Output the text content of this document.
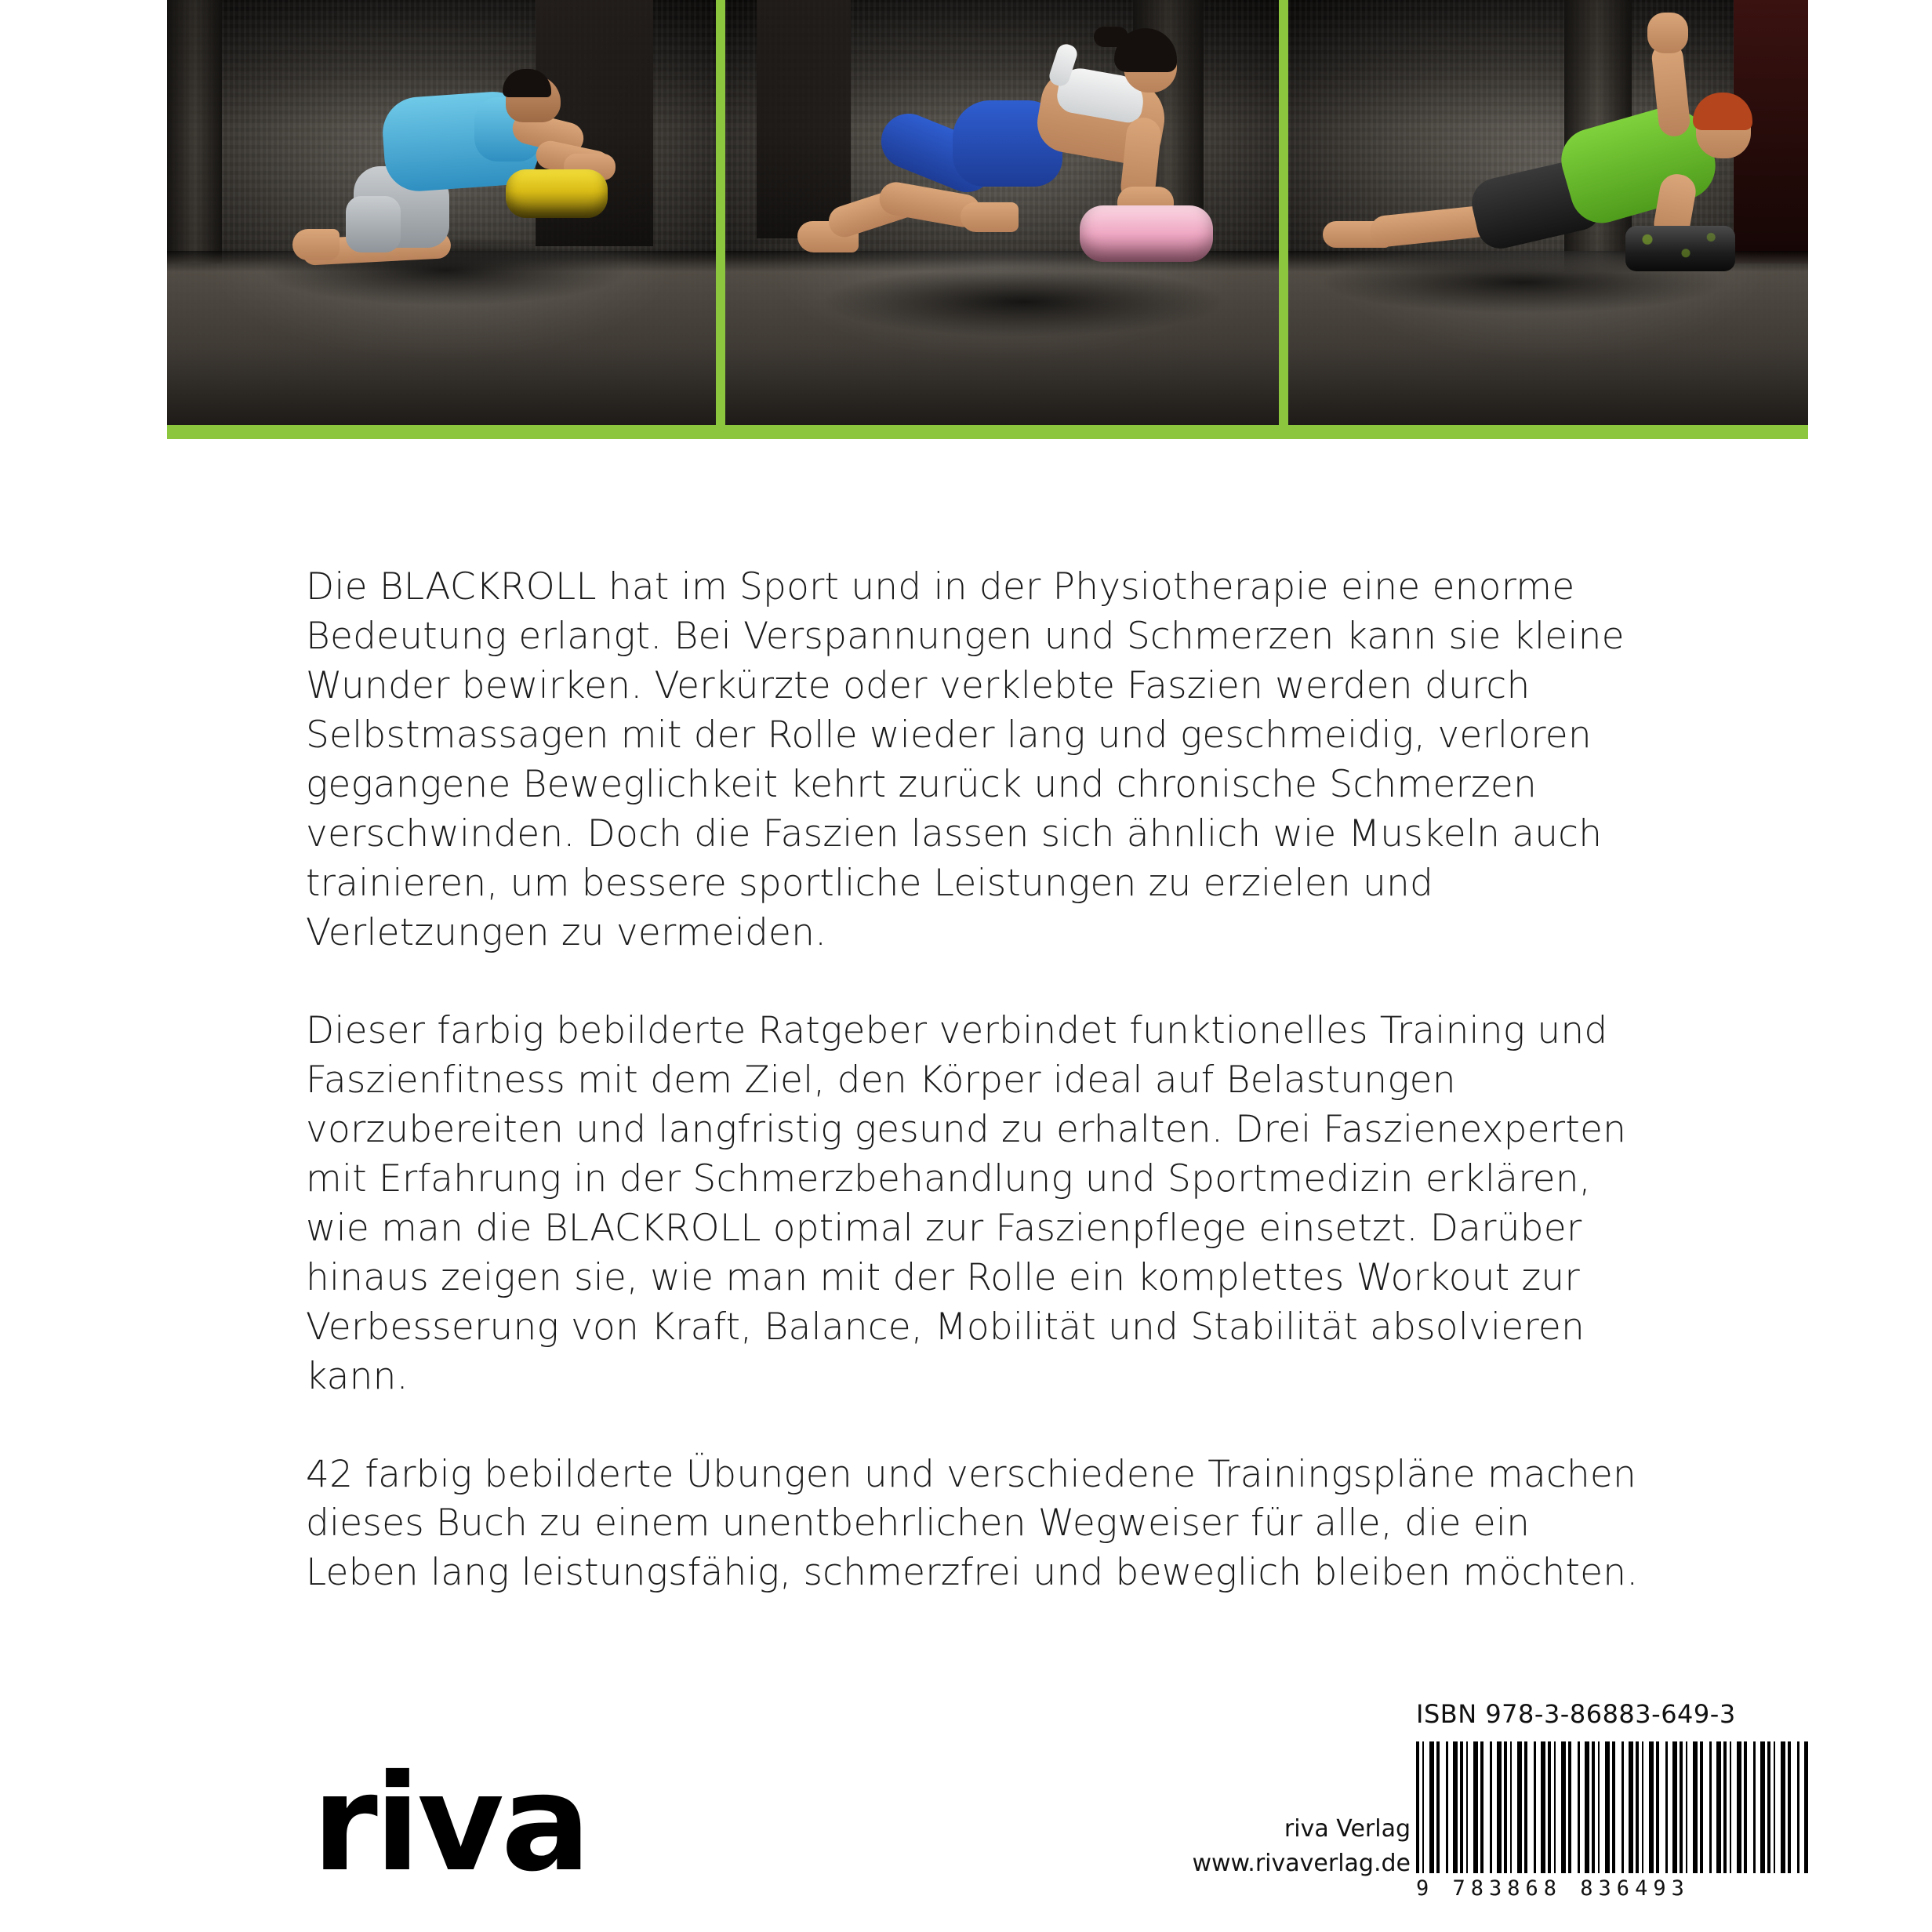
Die BLACKROLL hat im Sport und in der Physiotherapie eine enorme Bedeutung erlangt. Bei Verspannungen und Schmerzen kann sie kleine Wunder bewirken. Verkürzte oder verklebte Faszien werden durch Selbstmassagen mit der Rolle wieder lang und geschmeidig, verloren gegangene Beweglichkeit kehrt zurück und chronische Schmerzen verschwinden. Doch die Faszien lassen sich ähnlich wie Muskeln auch trainieren, um bessere sportliche Leistungen zu erzielen und Verletzungen zu vermeiden.

Dieser farbig bebilderte Ratgeber verbindet funktionelles Training und Faszienfitness mit dem Ziel, den Körper ideal auf Belastungen vorzubereiten und langfristig gesund zu erhalten. Drei Faszienexperten mit Erfahrung in der Schmerzbehandlung und Sportmedizin erklären, wie man die BLACKROLL optimal zur Faszienpflege einsetzt. Darüber hinaus zeigen sie, wie man mit der Rolle ein komplettes Workout zur Verbesserung von Kraft, Balance, Mobilität und Stabilität absolvieren kann.

42 farbig bebilderte Übungen und verschiedene Trainingspläne machen dieses Buch zu einem unentbehrlichen Wegweiser für alle, die ein Leben lang leistungsfähig, schmerzfrei und beweglich bleiben möchten.

riva	riva Verlag
www.rivaverlag.de
ISBN 978-3-86883-649-3
9 783868 836493
